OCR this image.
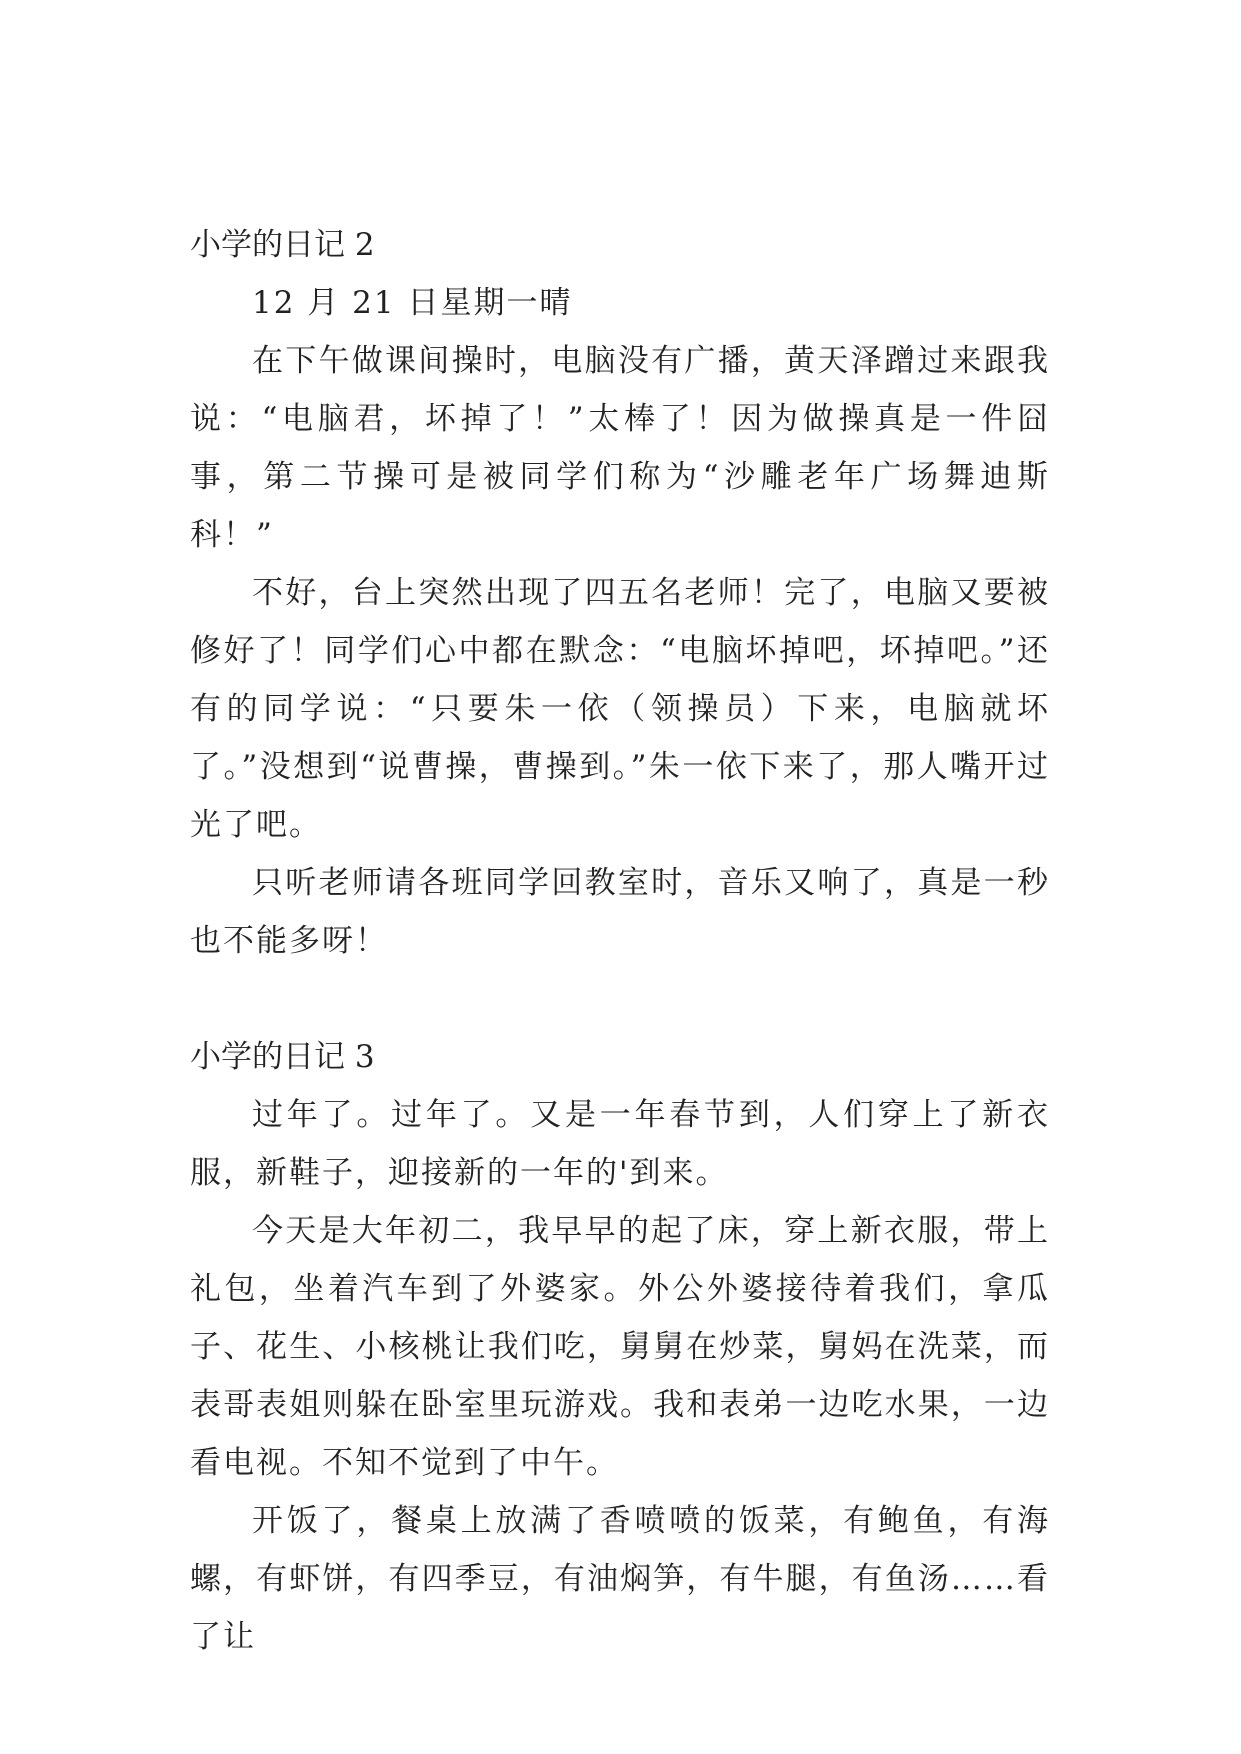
小学的日记 2

12 月 21 日星期一晴

在下午做课间操时，电脑没有广播，黄天泽蹭过来跟我说：“电脑君，坏掉了！”太棒了！因为做操真是一件囧事，第二节操可是被同学们称为“沙雕老年广场舞迪斯科！”

不好，台上突然出现了四五名老师！完了，电脑又要被修好了！同学们心中都在默念：“电脑坏掉吧，坏掉吧。”还有的同学说：“只要朱一依（领操员）下来，电脑就坏了。”没想到“说曹操，曹操到。”朱一依下来了，那人嘴开过光了吧。

只听老师请各班同学回教室时，音乐又响了，真是一秒也不能多呀！

小学的日记 3

过年了。过年了。又是一年春节到，人们穿上了新衣服，新鞋子，迎接新的一年的'到来。

今天是大年初二，我早早的起了床，穿上新衣服，带上礼包，坐着汽车到了外婆家。外公外婆接待着我们，拿瓜子、花生、小核桃让我们吃，舅舅在炒菜，舅妈在洗菜，而表哥表姐则躲在卧室里玩游戏。我和表弟一边吃水果，一边看电视。不知不觉到了中午。

开饭了，餐桌上放满了香喷喷的饭菜，有鲍鱼，有海螺，有虾饼，有四季豆，有油焖笋，有牛腿，有鱼汤……看了让
